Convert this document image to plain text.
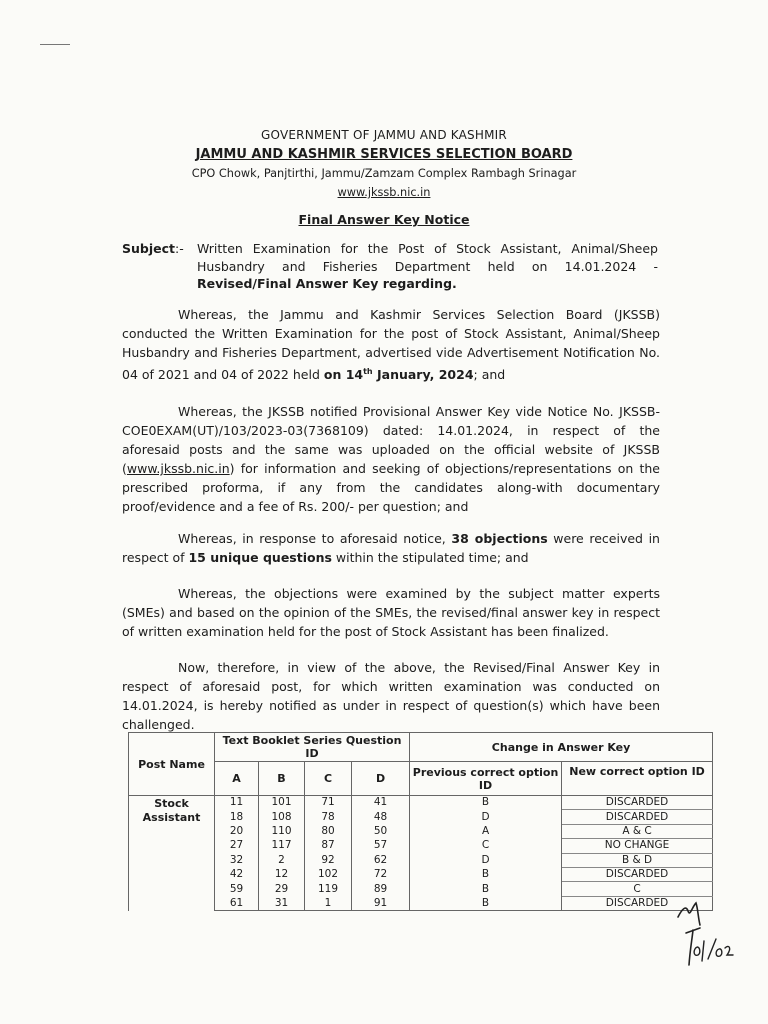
GOVERNMENT OF JAMMU AND KASHMIR
JAMMU AND KASHMIR SERVICES SELECTION BOARD
CPO Chowk, Panjtirthi, Jammu/Zamzam Complex Rambagh Srinagar
www.jkssb.nic.in
Final Answer Key Notice
Subject:- Written Examination for the Post of Stock Assistant, Animal/Sheep Husbandry and Fisheries Department held on 14.01.2024 -
Revised/Final Answer Key regarding.

Whereas, the Jammu and Kashmir Services Selection Board (JKSSB) conducted the Written Examination for the post of Stock Assistant, Animal/Sheep Husbandry and Fisheries Department, advertised vide Advertisement Notification No. 04 of 2021 and 04 of 2022 held on 14th January, 2024; and

Whereas, the JKSSB notified Provisional Answer Key vide Notice No. JKSSB-COE0EXAM(UT)/103/2023-03(7368109) dated: 14.01.2024, in respect of the aforesaid posts and the same was uploaded on the official website of JKSSB (www.jkssb.nic.in) for information and seeking of objections/representations on the prescribed proforma, if any from the candidates along-with documentary proof/evidence and a fee of Rs. 200/- per question; and

Whereas, in response to aforesaid notice, 38 objections were received in respect of 15 unique questions within the stipulated time; and

Whereas, the objections were examined by the subject matter experts (SMEs) and based on the opinion of the SMEs, the revised/final answer key in respect of written examination held for the post of Stock Assistant has been finalized.

Now, therefore, in view of the above, the Revised/Final Answer Key in respect of aforesaid post, for which written examination was conducted on 14.01.2024, is hereby notified as under in respect of question(s) which have been challenged.

Post Name	Text Booklet Series Question ID				Change in Answer Key	
	A	B	C	D	Previous correct option ID	New correct option ID

Stock
Assistant	11	101	71	41	B	DISCARDED
	18	108	78	48	D	DISCARDED
	20	110	80	50	A	A & C
	27	117	87	57	C	NO CHANGE
	32	2	92	62	D	B & D
	42	12	102	72	B	DISCARDED
	59	29	119	89	B	C
	61	31	1	91	B	DISCARDED
